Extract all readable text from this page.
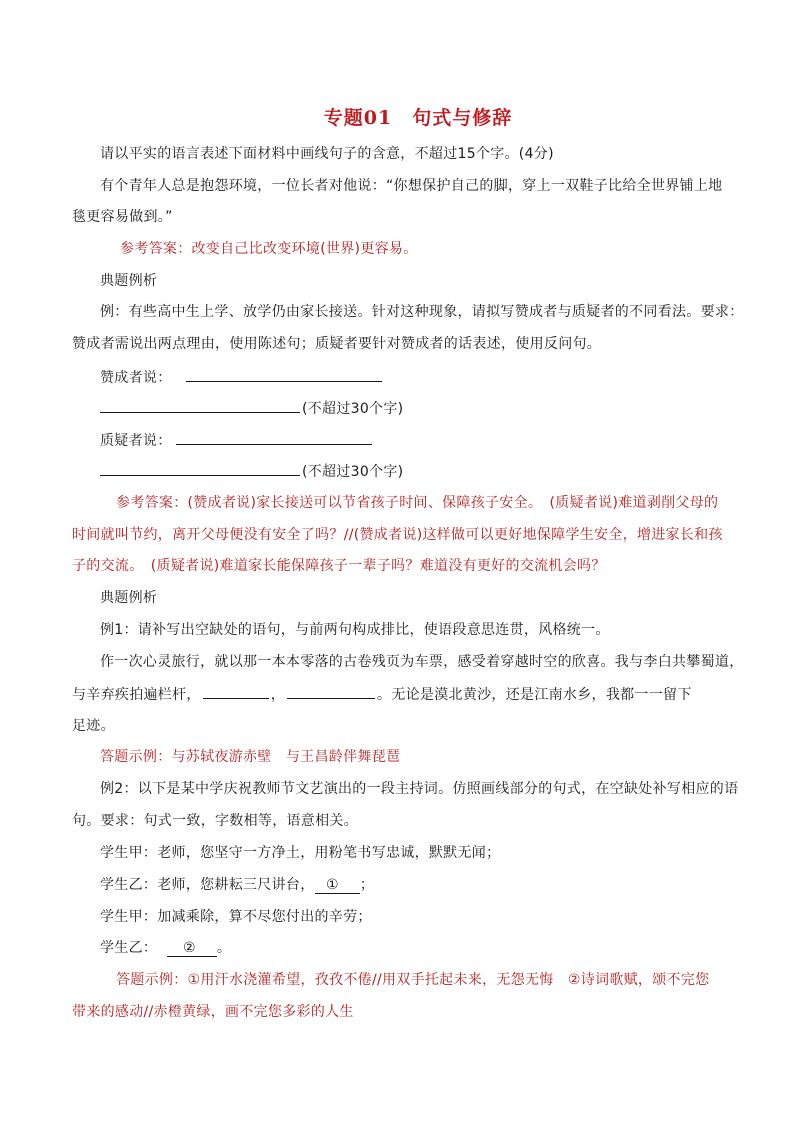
专题01　句式与修辞
请以平实的语言表述下面材料中画线句子的含意，不超过15个字。(4分)
有个青年人总是抱怨环境，一位长者对他说：“你想保护自己的脚，穿上一双鞋子比给全世界铺上地
毯更容易做到。”
参考答案：改变自己比改变环境(世界)更容易。
典题例析
例：有些高中生上学、放学仍由家长接送。针对这种现象，请拟写赞成者与质疑者的不同看法。要求：
赞成者需说出两点理由，使用陈述句；质疑者要针对赞成者的话表述，使用反问句。
赞成者说：
(不超过30个字)
质疑者说：
(不超过30个字)
参考答案：(赞成者说)家长接送可以节省孩子时间、保障孩子安全。　(质疑者说)难道剥削父母的
时间就叫节约，离开父母便没有安全了吗？//(赞成者说)这样做可以更好地保障学生安全，增进家长和孩
子的交流。　(质疑者说)难道家长能保障孩子一辈子吗？难道没有更好的交流机会吗？
典题例析
例1：请补写出空缺处的语句，与前两句构成排比，使语段意思连贯，风格统一。
作一次心灵旅行，就以那一本本零落的古卷残页为车票，感受着穿越时空的欣喜。我与李白共攀蜀道，
与辛弃疾拍遍栏杆，	，	。无论是漠北黄沙，还是江南水乡，我都一一留下
足迹。
答题示例：与苏轼夜游赤壁　与王昌龄伴舞琵琶
例2：以下是某中学庆祝教师节文艺演出的一段主持词。仿照画线部分的句式，在空缺处补写相应的语
句。要求：句式一致，字数相等，语意相关。
学生甲：老师，您坚守一方净土，用粉笔书写忠诚，默默无闻；
学生乙：老师，您耕耘三尺讲台， ① ；
学生甲：加减乘除，算不尽您付出的辛劳；
学生乙： ② 。
答题示例：①用汗水浇灌希望，孜孜不倦//用双手托起未来，无怨无悔　②诗词歌赋，颂不完您
带来的感动//赤橙黄绿，画不完您多彩的人生
